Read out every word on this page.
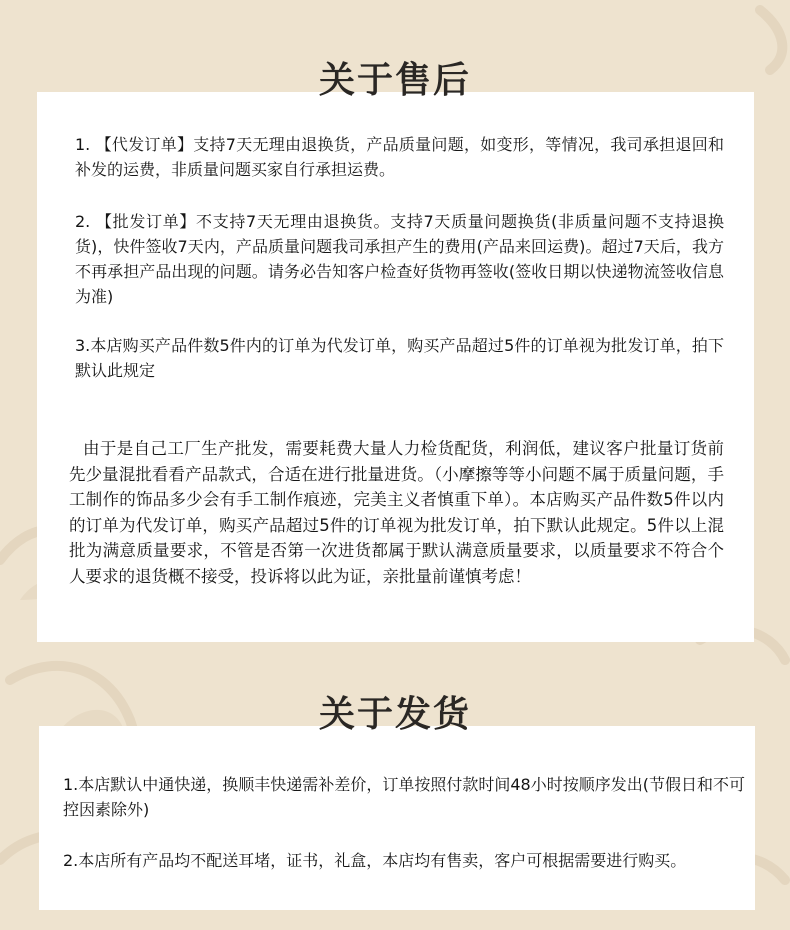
关于售后

1. 【代发订单】支持7天无理由退换货，产品质量问题，如变形，等情况，我司承担退回和补发的运费，非质量问题买家自行承担运费。

2. 【批发订单】不支持7天无理由退换货。支持7天质量问题换货(非质量问题不支持退换货)，快件签收7天内，产品质量问题我司承担产生的费用(产品来回运费)。超过7天后，我方不再承担产品出现的问题。请务必告知客户检查好货物再签收(签收日期以快递物流签收信息为准)

3.本店购买产品件数5件内的订单为代发订单，购买产品超过5件的订单视为批发订单，拍下默认此规定

由于是自己工厂生产批发，需要耗费大量人力检货配货，利润低，建议客户批量订货前先少量混批看看产品款式，合适在进行批量进货。（小摩擦等等小问题不属于质量问题，手工制作的饰品多少会有手工制作痕迹，完美主义者慎重下单）。本店购买产品件数5件以内的订单为代发订单，购买产品超过5件的订单视为批发订单，拍下默认此规定。5件以上混批为满意质量要求，不管是否第一次进货都属于默认满意质量要求，以质量要求不符合个人要求的退货概不接受，投诉将以此为证，亲批量前谨慎考虑！

关于发货

1.本店默认中通快递，换顺丰快递需补差价，订单按照付款时间48小时按顺序发出(节假日和不可控因素除外)

2.本店所有产品均不配送耳堵，证书，礼盒，本店均有售卖，客户可根据需要进行购买。
